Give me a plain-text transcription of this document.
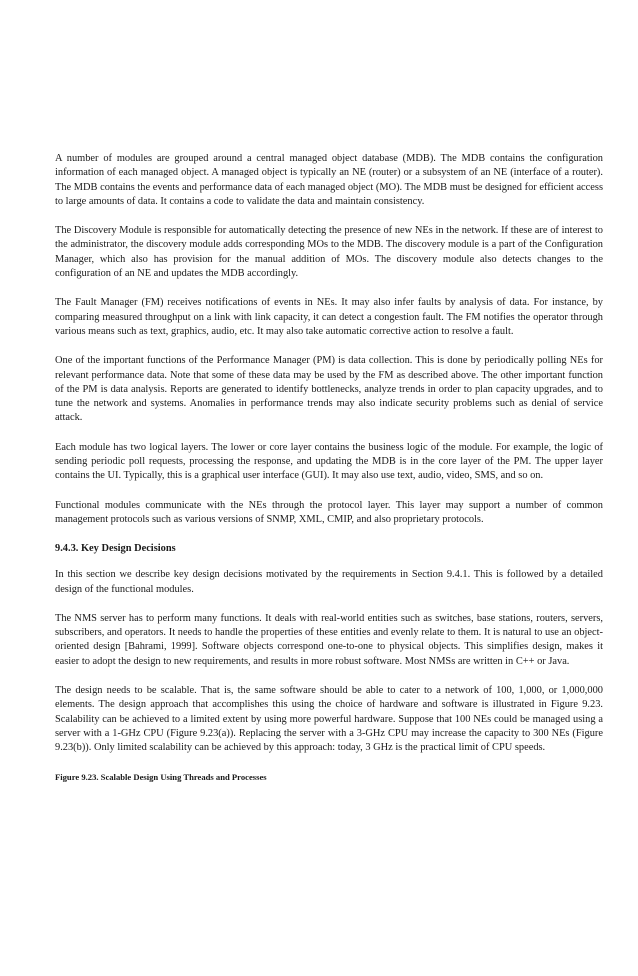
A number of modules are grouped around a central managed object database (MDB). The MDB contains the configuration information of each managed object. A managed object is typically an NE (router) or a subsystem of an NE (interface of a router). The MDB contains the events and performance data of each managed object (MO). The MDB must be designed for efficient access to large amounts of data. It contains a code to validate the data and maintain consistency.

The Discovery Module is responsible for automatically detecting the presence of new NEs in the network. If these are of interest to the administrator, the discovery module adds corresponding MOs to the MDB. The discovery module is a part of the Configuration Manager, which also has provision for the manual addition of MOs. The discovery module also detects changes to the configuration of an NE and updates the MDB accordingly.

The Fault Manager (FM) receives notifications of events in NEs. It may also infer faults by analysis of data. For instance, by comparing measured throughput on a link with link capacity, it can detect a congestion fault. The FM notifies the operator through various means such as text, graphics, audio, etc. It may also take automatic corrective action to resolve a fault.

One of the important functions of the Performance Manager (PM) is data collection. This is done by periodically polling NEs for relevant performance data. Note that some of these data may be used by the FM as described above. The other important function of the PM is data analysis. Reports are generated to identify bottlenecks, analyze trends in order to plan capacity upgrades, and to tune the network and systems. Anomalies in performance trends may also indicate security problems such as denial of service attack.

Each module has two logical layers. The lower or core layer contains the business logic of the module. For example, the logic of sending periodic poll requests, processing the response, and updating the MDB is in the core layer of the PM. The upper layer contains the UI. Typically, this is a graphical user interface (GUI). It may also use text, audio, video, SMS, and so on.

Functional modules communicate with the NEs through the protocol layer. This layer may support a number of common management protocols such as various versions of SNMP, XML, CMIP, and also proprietary protocols.

9.4.3. Key Design Decisions

In this section we describe key design decisions motivated by the requirements in Section 9.4.1. This is followed by a detailed design of the functional modules.

The NMS server has to perform many functions. It deals with real-world entities such as switches, base stations, routers, servers, subscribers, and operators. It needs to handle the properties of these entities and evenly relate to them. It is natural to use an object-oriented design [Bahrami, 1999]. Software objects correspond one-to-one to physical objects. This simplifies design, makes it easier to adopt the design to new requirements, and results in more robust software. Most NMSs are written in C++ or Java.

The design needs to be scalable. That is, the same software should be able to cater to a network of 100, 1,000, or 1,000,000 elements. The design approach that accomplishes this using the choice of hardware and software is illustrated in Figure 9.23. Scalability can be achieved to a limited extent by using more powerful hardware. Suppose that 100 NEs could be managed using a server with a 1-GHz CPU (Figure 9.23(a)). Replacing the server with a 3-GHz CPU may increase the capacity to 300 NEs (Figure 9.23(b)). Only limited scalability can be achieved by this approach: today, 3 GHz is the practical limit of CPU speeds.

Figure 9.23. Scalable Design Using Threads and Processes
